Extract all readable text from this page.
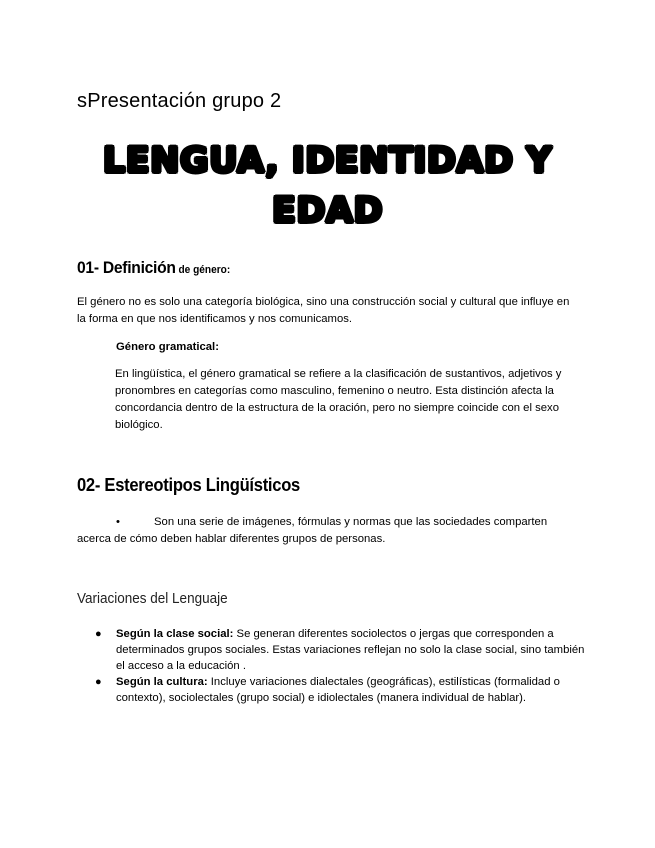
sPresentación grupo 2
LENGUA, IDENTIDAD Y
EDAD
01- Definición de género:
El género no es solo una categoría biológica, sino una construcción social y cultural que influye en la forma en que nos identificamos y nos comunicamos.
Género gramatical:
En lingüística, el género gramatical se refiere a la clasificación de sustantivos, adjetivos y pronombres en categorías como masculino, femenino o neutro. Esta distinción afecta la concordancia dentro de la estructura de la oración, pero no siempre coincide con el sexo biológico.
02- Estereotipos Lingüísticos
•	Son una serie de imágenes, fórmulas y normas que las sociedades comparten acerca de cómo deben hablar diferentes grupos de personas.
Variaciones del Lenguaje
● Según la clase social: Se generan diferentes sociolectos o jergas que corresponden a determinados grupos sociales. Estas variaciones reflejan no solo la clase social, sino también el acceso a la educación .
● Según la cultura: Incluye variaciones dialectales (geográficas), estilísticas (formalidad o contexto), sociolectales (grupo social) e idiolectales (manera individual de hablar).
